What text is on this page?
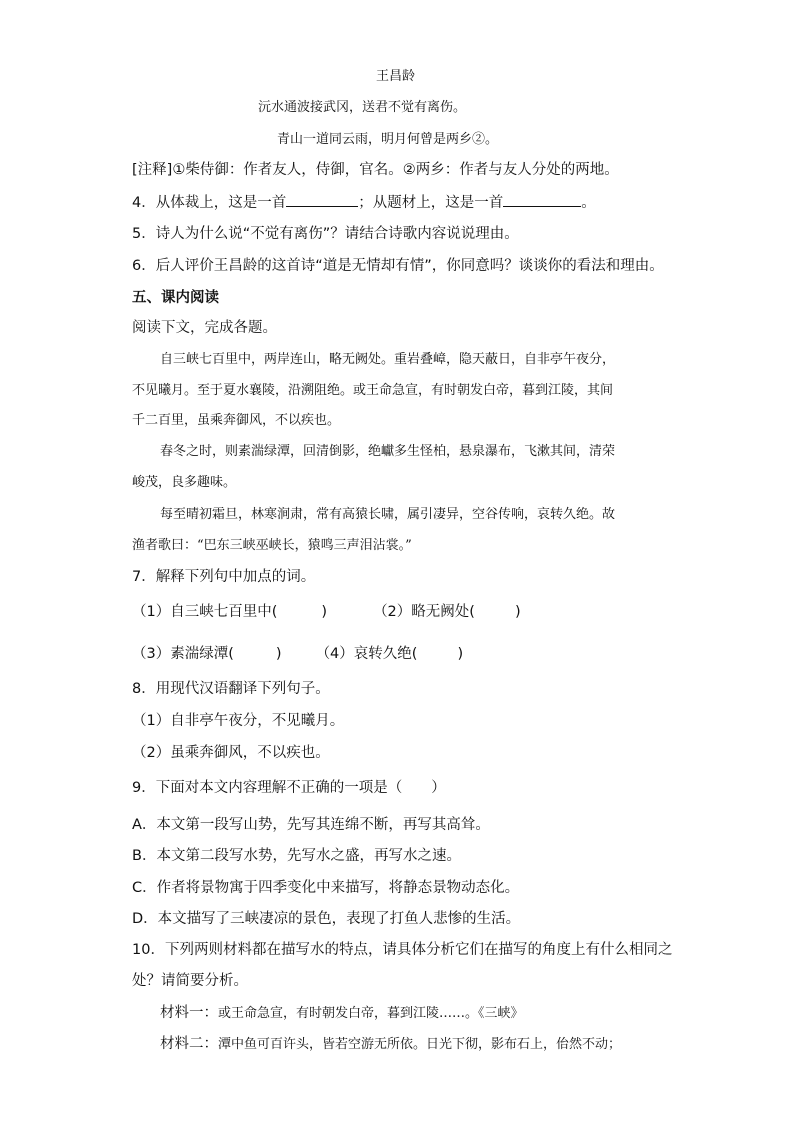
王昌龄
沅水通波接武冈，送君不觉有离伤。
青山一道同云雨，明月何曾是两乡②。
[注释]①柴侍御：作者友人，侍御，官名。②两乡：作者与友人分处的两地。
4．从体裁上，这是一首	；从题材上，这是一首	。
5．诗人为什么说“不觉有离伤”？请结合诗歌内容说说理由。
6．后人评价王昌龄的这首诗“道是无情却有情”，你同意吗？谈谈你的看法和理由。
五、课内阅读
阅读下文，完成各题。
自三峡七百里中，两岸连山，略无阙处。重岩叠嶂，隐天蔽日，自非亭午夜分，
不见曦月。至于夏水襄陵，沿溯阻绝。或王命急宣，有时朝发白帝，暮到江陵，其间
千二百里，虽乘奔御风，不以疾也。
春冬之时，则素湍绿潭，回清倒影，绝巘多生怪柏，悬泉瀑布，飞漱其间，清荣
峻茂，良多趣味。
每至晴初霜旦，林寒涧肃，常有高猿长啸，属引凄异，空谷传响，哀转久绝。故
渔者歌曰：“巴东三峡巫峡长，猿鸣三声泪沾裳。”
7．解释下列句中加点的词。
（1）自三峡七百里中(	)	（2）略无阙处(	)
（3）素湍绿潭(	) （4）哀转久绝(	)
8．用现代汉语翻译下列句子。
（1）自非亭午夜分，不见曦月。
（2）虽乘奔御风，不以疾也。
9．下面对本文内容理解不正确的一项是（　　）
A．本文第一段写山势，先写其连绵不断，再写其高耸。
B．本文第二段写水势，先写水之盛，再写水之速。
C．作者将景物寓于四季变化中来描写，将静态景物动态化。
D．本文描写了三峡凄凉的景色，表现了打鱼人悲惨的生活。
10．下列两则材料都在描写水的特点，请具体分析它们在描写的角度上有什么相同之
处？请简要分析。
材料一：或王命急宣，有时朝发白帝，暮到江陵……。《三峡》
材料二：潭中鱼可百许头，皆若空游无所依。日光下彻，影布石上，佁然不动；
